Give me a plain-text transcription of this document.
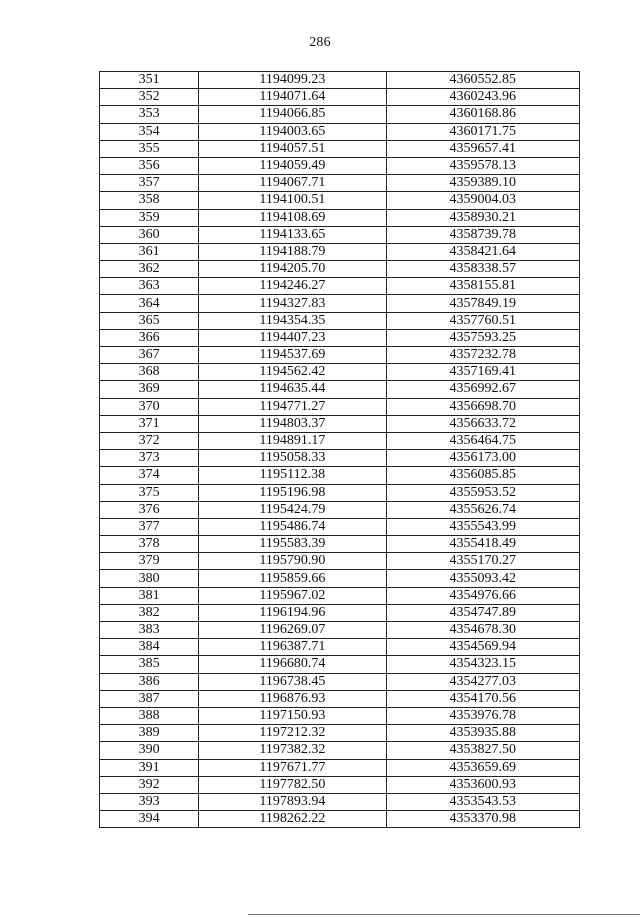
286
351	1194099.23	4360552.85
352	1194071.64	4360243.96
353	1194066.85	4360168.86
354	1194003.65	4360171.75
355	1194057.51	4359657.41
356	1194059.49	4359578.13
357	1194067.71	4359389.10
358	1194100.51	4359004.03
359	1194108.69	4358930.21
360	1194133.65	4358739.78
361	1194188.79	4358421.64
362	1194205.70	4358338.57
363	1194246.27	4358155.81
364	1194327.83	4357849.19
365	1194354.35	4357760.51
366	1194407.23	4357593.25
367	1194537.69	4357232.78
368	1194562.42	4357169.41
369	1194635.44	4356992.67
370	1194771.27	4356698.70
371	1194803.37	4356633.72
372	1194891.17	4356464.75
373	1195058.33	4356173.00
374	1195112.38	4356085.85
375	1195196.98	4355953.52
376	1195424.79	4355626.74
377	1195486.74	4355543.99
378	1195583.39	4355418.49
379	1195790.90	4355170.27
380	1195859.66	4355093.42
381	1195967.02	4354976.66
382	1196194.96	4354747.89
383	1196269.07	4354678.30
384	1196387.71	4354569.94
385	1196680.74	4354323.15
386	1196738.45	4354277.03
387	1196876.93	4354170.56
388	1197150.93	4353976.78
389	1197212.32	4353935.88
390	1197382.32	4353827.50
391	1197671.77	4353659.69
392	1197782.50	4353600.93
393	1197893.94	4353543.53
394	1198262.22	4353370.98
